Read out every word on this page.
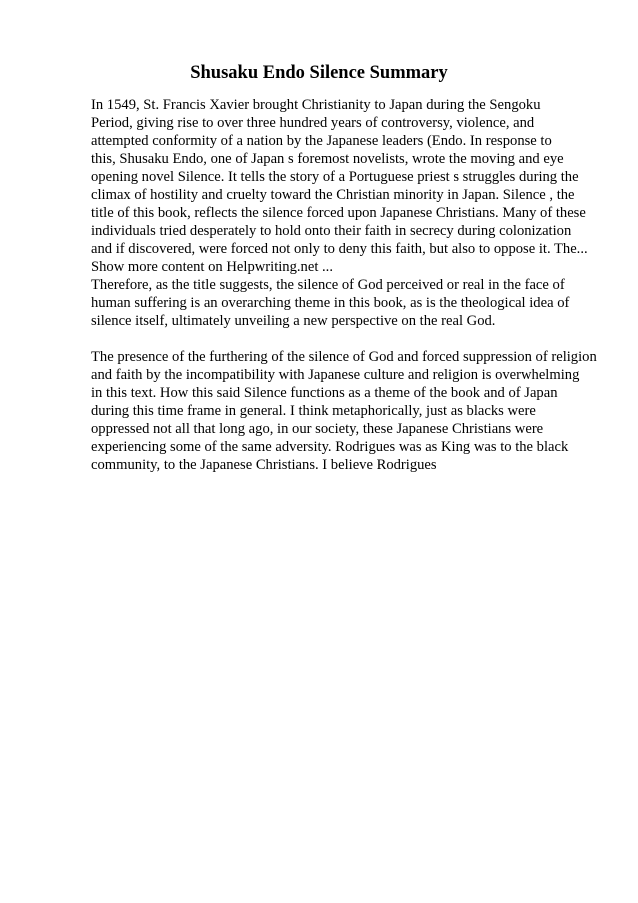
Shusaku Endo Silence Summary
In 1549, St. Francis Xavier brought Christianity to Japan during the Sengoku
Period, giving rise to over three hundred years of controversy, violence, and
attempted conformity of a nation by the Japanese leaders (Endo. In response to
this, Shusaku Endo, one of Japan s foremost novelists, wrote the moving and eye
opening novel Silence. It tells the story of a Portuguese priest s struggles during the
climax of hostility and cruelty toward the Christian minority in Japan. Silence , the
title of this book, reflects the silence forced upon Japanese Christians. Many of these
individuals tried desperately to hold onto their faith in secrecy during colonization
and if discovered, were forced not only to deny this faith, but also to oppose it. The...
Show more content on Helpwriting.net ...
Therefore, as the title suggests, the silence of God perceived or real in the face of
human suffering is an overarching theme in this book, as is the theological idea of
silence itself, ultimately unveiling a new perspective on the real God.
The presence of the furthering of the silence of God and forced suppression of religion
and faith by the incompatibility with Japanese culture and religion is overwhelming
in this text. How this said Silence functions as a theme of the book and of Japan
during this time frame in general. I think metaphorically, just as blacks were
oppressed not all that long ago, in our society, these Japanese Christians were
experiencing some of the same adversity. Rodrigues was as King was to the black
community, to the Japanese Christians. I believe Rodrigues
